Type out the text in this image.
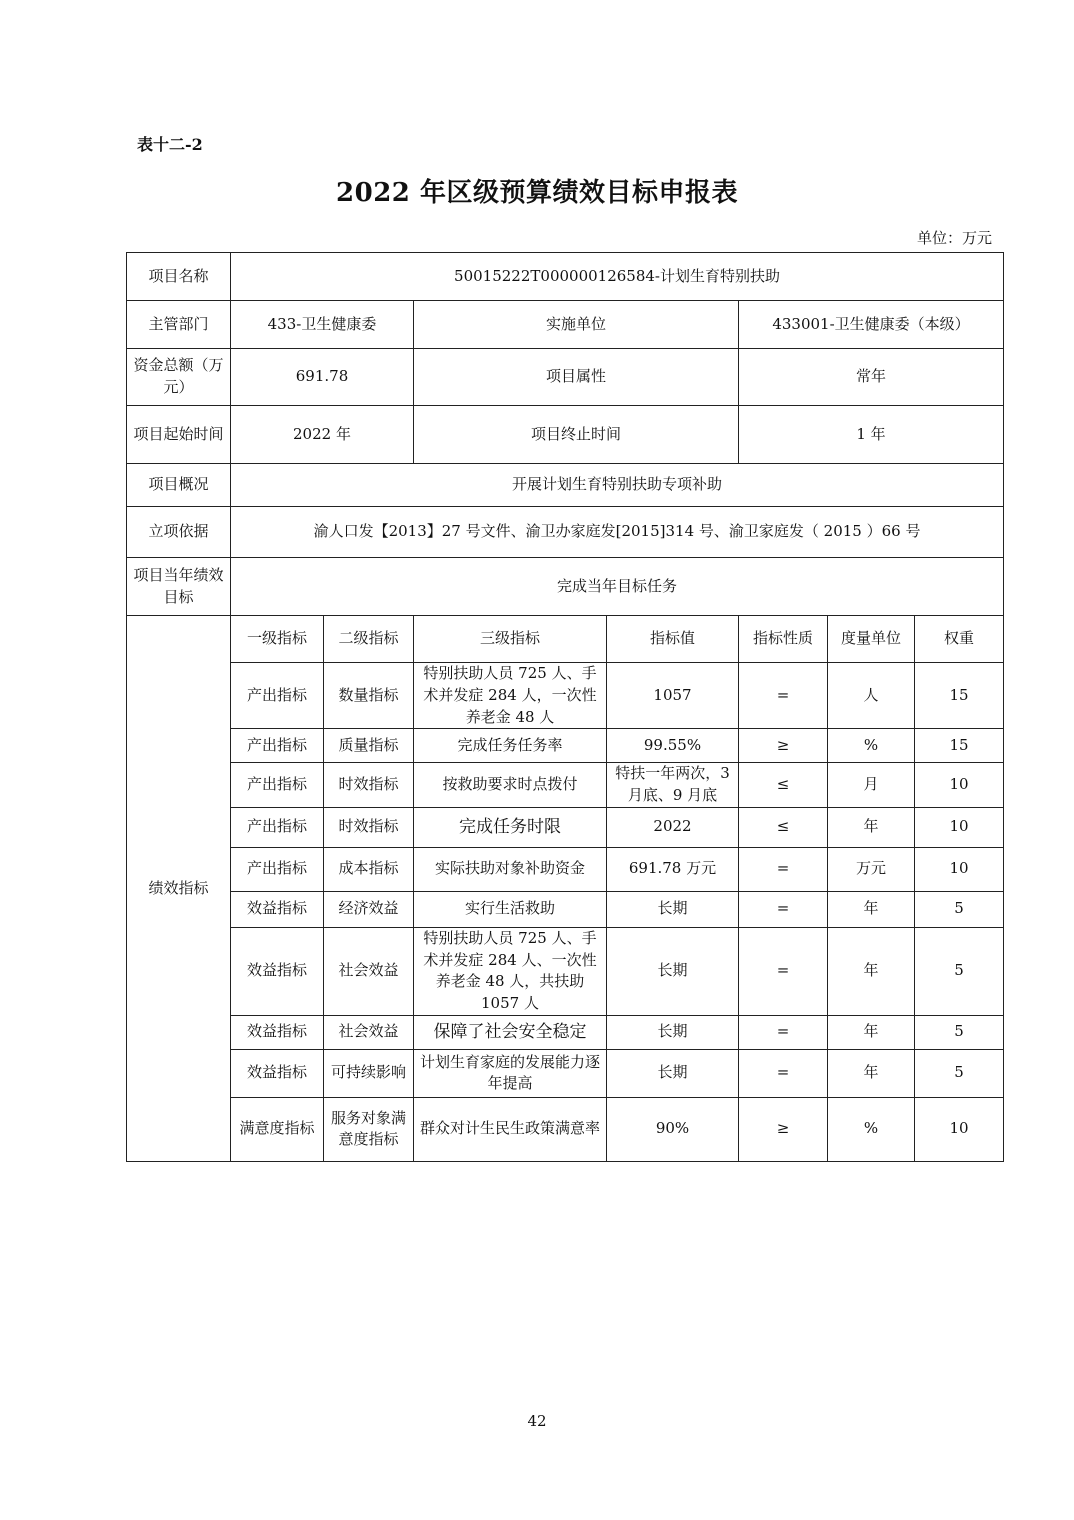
表十二-2
2022 年区级预算绩效目标申报表
单位：万元
项目名称	50015222T000000126584-计划生育特别扶助						
主管部门	433-卫生健康委		实施单位		433001-卫生健康委（本级）		
资金总额（万元）	691.78		项目属性		常年		
项目起始时间	2022 年		项目终止时间		1 年		
项目概况	开展计划生育特别扶助专项补助						
立项依据	渝人口发【2013】27 号文件、渝卫办家庭发[2015]314 号、渝卫家庭发（ 2015 ）66 号						
项目当年绩效目标	完成当年目标任务						
绩效指标	一级指标	二级指标	三级指标	指标值	指标性质	度量单位	权重
	产出指标	数量指标	特别扶助人员 725 人、手术并发症 284 人，一次性养老金 48 人	1057	=	人	15
	产出指标	质量指标	完成任务任务率	99.55%	≥	%	15
	产出指标	时效指标	按救助要求时点拨付	特扶一年两次，3 月底、9 月底	≤	月	10
	产出指标	时效指标	完成任务时限	2022	≤	年	10
	产出指标	成本指标	实际扶助对象补助资金	691.78 万元	=	万元	10
	效益指标	经济效益	实行生活救助	长期	=	年	5
	效益指标	社会效益	特别扶助人员 725 人、手术并发症 284 人、一次性养老金 48 人，共扶助 1057 人	长期	=	年	5
	效益指标	社会效益	保障了社会安全稳定	长期	=	年	5
	效益指标	可持续影响	计划生育家庭的发展能力逐年提高	长期	=	年	5
	满意度指标	服务对象满意度指标	群众对计生民生政策满意率	90%	≥	%	10
42
